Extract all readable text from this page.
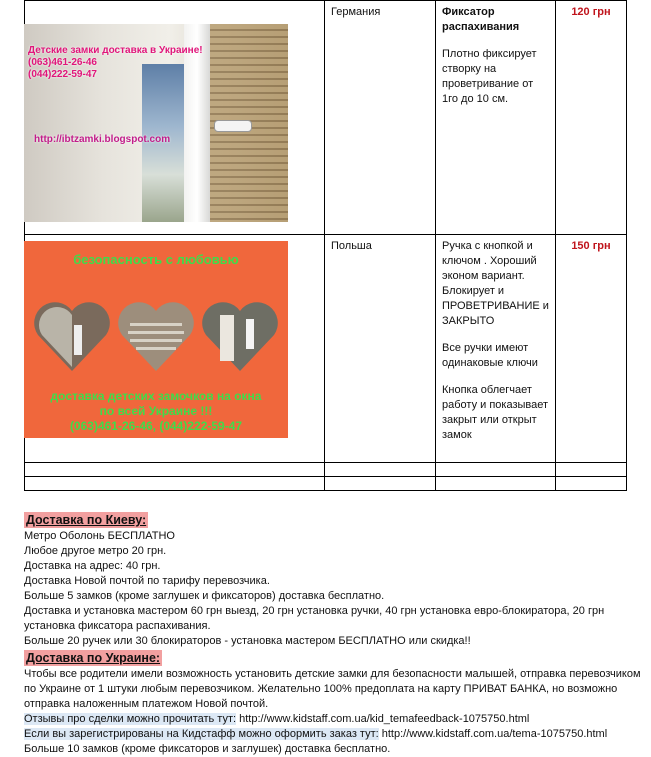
	Германия	Фиксатор распахивания
Плотно фиксирует створку на проветривание от 1го до 10 см.	120 грн
	Польша	Ручка с кнопкой и ключом . Хороший эконом вариант. Блокирует и ПРОВЕТРИВАНИЕ и ЗАКРЫТО
Все ручки имеют одинаковые ключи
Кнопка облегчает работу и показывает закрыт или открыт замок	150 грн

Детские замки доставка в Украине!
(063)461-26-46
(044)222-59-47
http://ibtzamki.blogspot.com
безопасность с любовью
доставка детских замочков на окна
по всей Украине !!!
(063)461-26-46, (044)222-59-47
Доставка по Киеву:
Метро Оболонь БЕСПЛАТНО
Любое другое метро 20 грн.
Доставка на адрес: 40 грн.
Доставка Новой почтой по тарифу перевозчика.
Больше 5 замков (кроме заглушек и фиксаторов) доставка бесплатно.
Доставка и установка мастером 60 грн выезд, 20 грн установка ручки, 40 грн установка евро-блокиратора, 20 грн
установка фиксатора распахивания.
Больше 20 ручек или 30 блокираторов - установка мастером БЕСПЛАТНО или скидка!!
Доставка по Украине:
Чтобы все родители имели возможность установить детские замки для безопасности малышей, отправка перевозчиком
по Украине от 1 штуки любым перевозчиком. Желательно 100% предоплата на карту ПРИВАТ БАНКА, но возможно
отправка наложенным платежом Новой почтой.
Отзывы про сделки можно прочитать тут: http://www.kidstaff.com.ua/kid_temafeedback-1075750.html
Если вы зарегистрированы на Кидстафф можно оформить заказ тут: http://www.kidstaff.com.ua/tema-1075750.html
Больше 10 замков (кроме фиксаторов и заглушек) доставка бесплатно.
